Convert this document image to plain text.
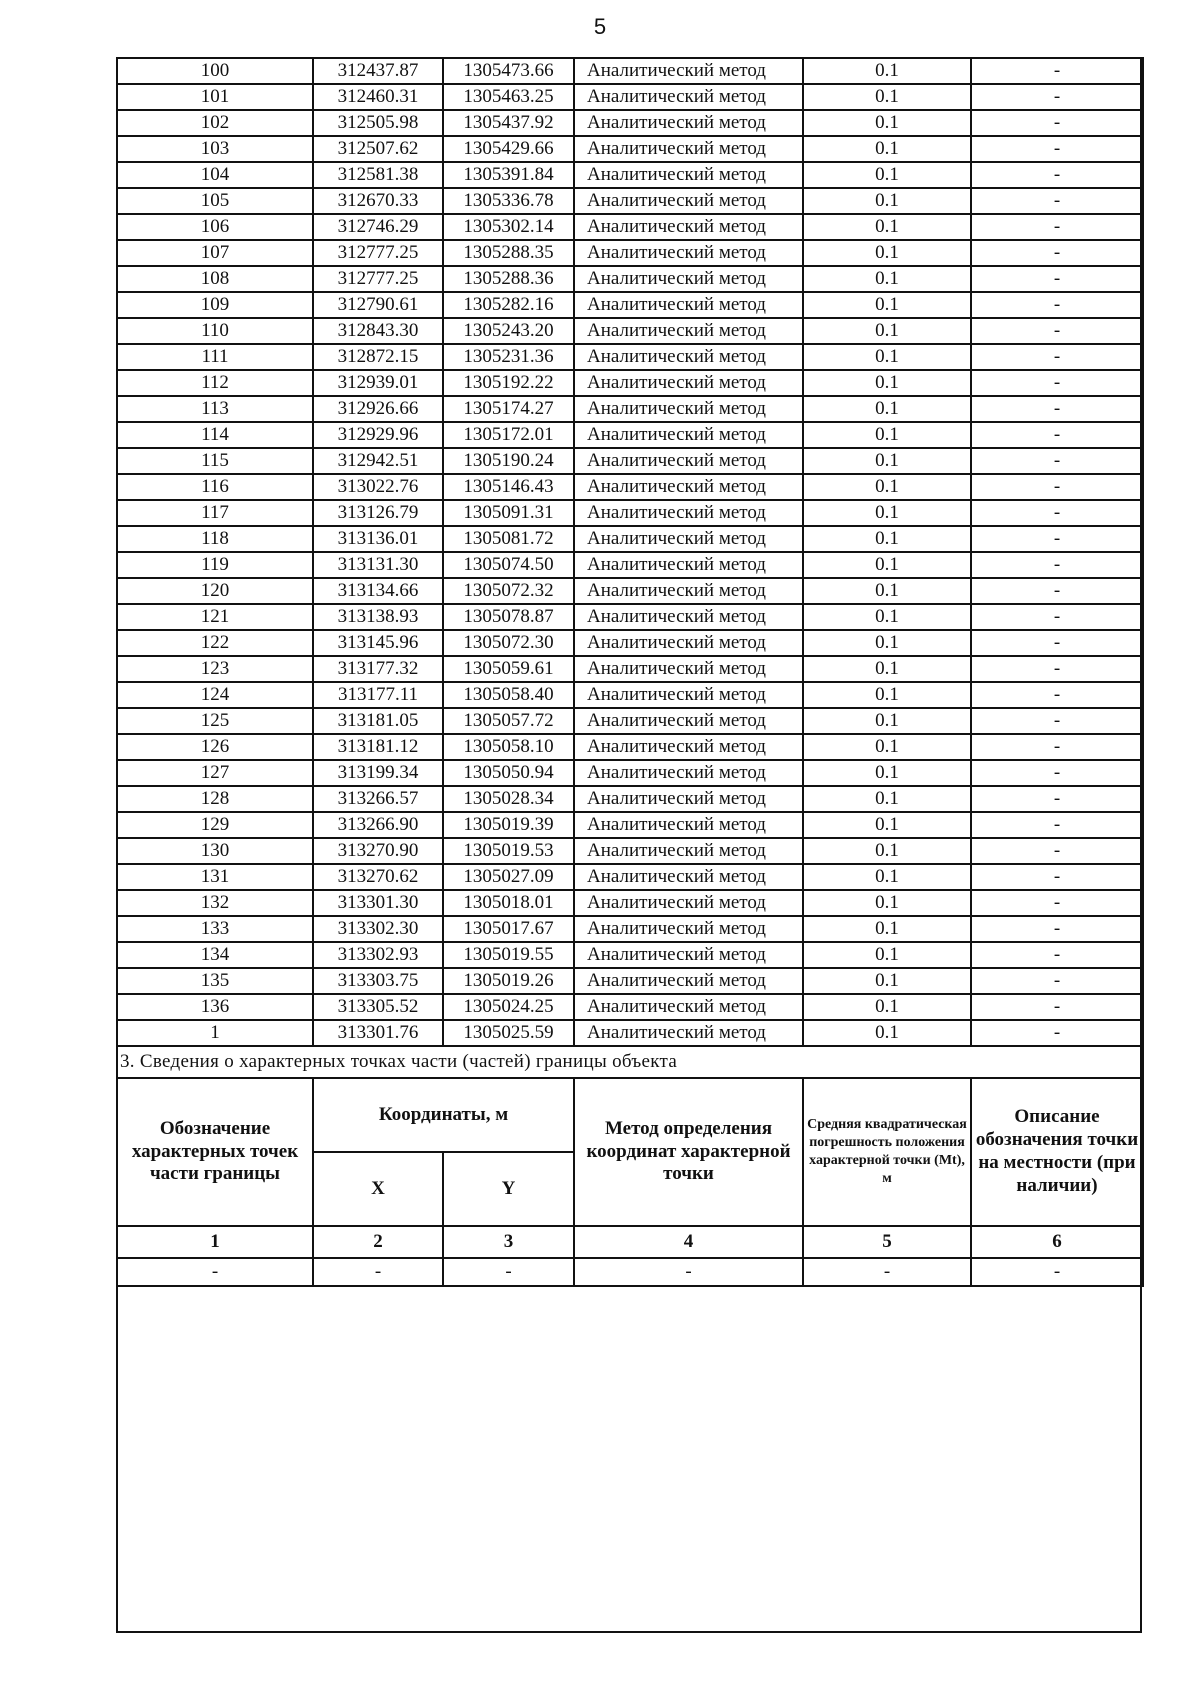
5
100	312437.87	1305473.66	Аналитический метод	0.1	-
101	312460.31	1305463.25	Аналитический метод	0.1	-
102	312505.98	1305437.92	Аналитический метод	0.1	-
103	312507.62	1305429.66	Аналитический метод	0.1	-
104	312581.38	1305391.84	Аналитический метод	0.1	-
105	312670.33	1305336.78	Аналитический метод	0.1	-
106	312746.29	1305302.14	Аналитический метод	0.1	-
107	312777.25	1305288.35	Аналитический метод	0.1	-
108	312777.25	1305288.36	Аналитический метод	0.1	-
109	312790.61	1305282.16	Аналитический метод	0.1	-
110	312843.30	1305243.20	Аналитический метод	0.1	-
111	312872.15	1305231.36	Аналитический метод	0.1	-
112	312939.01	1305192.22	Аналитический метод	0.1	-
113	312926.66	1305174.27	Аналитический метод	0.1	-
114	312929.96	1305172.01	Аналитический метод	0.1	-
115	312942.51	1305190.24	Аналитический метод	0.1	-
116	313022.76	1305146.43	Аналитический метод	0.1	-
117	313126.79	1305091.31	Аналитический метод	0.1	-
118	313136.01	1305081.72	Аналитический метод	0.1	-
119	313131.30	1305074.50	Аналитический метод	0.1	-
120	313134.66	1305072.32	Аналитический метод	0.1	-
121	313138.93	1305078.87	Аналитический метод	0.1	-
122	313145.96	1305072.30	Аналитический метод	0.1	-
123	313177.32	1305059.61	Аналитический метод	0.1	-
124	313177.11	1305058.40	Аналитический метод	0.1	-
125	313181.05	1305057.72	Аналитический метод	0.1	-
126	313181.12	1305058.10	Аналитический метод	0.1	-
127	313199.34	1305050.94	Аналитический метод	0.1	-
128	313266.57	1305028.34	Аналитический метод	0.1	-
129	313266.90	1305019.39	Аналитический метод	0.1	-
130	313270.90	1305019.53	Аналитический метод	0.1	-
131	313270.62	1305027.09	Аналитический метод	0.1	-
132	313301.30	1305018.01	Аналитический метод	0.1	-
133	313302.30	1305017.67	Аналитический метод	0.1	-
134	313302.93	1305019.55	Аналитический метод	0.1	-
135	313303.75	1305019.26	Аналитический метод	0.1	-
136	313305.52	1305024.25	Аналитический метод	0.1	-
1	313301.76	1305025.59	Аналитический метод	0.1	-
3. Сведения о характерных точках части (частей) границы объекта					
Обозначение характерных точек части границы	Координаты, м		Метод определения координат характерной точки	Средняя квадратическая погрешность положения характерной точки (Mt), м	Описание обозначения точки на местности (при наличии)
	X	Y			
1	2	3	4	5	6
-	-	-	-	-	-
